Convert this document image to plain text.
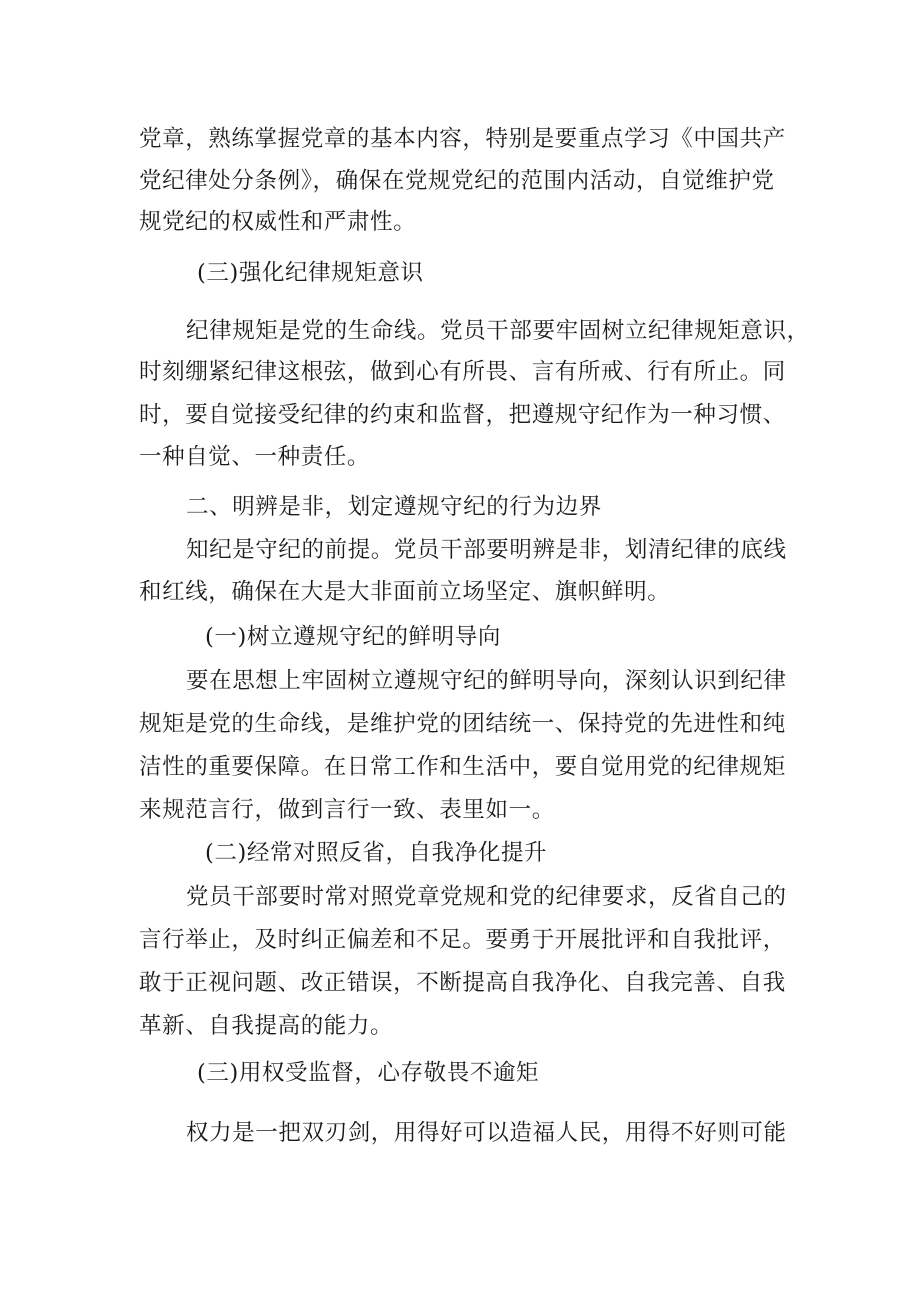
党章，熟练掌握党章的基本内容，特别是要重点学习《中国共产
党纪律处分条例》，确保在党规党纪的范围内活动，自觉维护党
规党纪的权威性和严肃性。
(三)强化纪律规矩意识
纪律规矩是党的生命线。党员干部要牢固树立纪律规矩意识，
时刻绷紧纪律这根弦，做到心有所畏、言有所戒、行有所止。同
时，要自觉接受纪律的约束和监督，把遵规守纪作为一种习惯、
一种自觉、一种责任。
二、明辨是非，划定遵规守纪的行为边界
知纪是守纪的前提。党员干部要明辨是非，划清纪律的底线
和红线，确保在大是大非面前立场坚定、旗帜鲜明。
(一)树立遵规守纪的鲜明导向
要在思想上牢固树立遵规守纪的鲜明导向，深刻认识到纪律
规矩是党的生命线，是维护党的团结统一、保持党的先进性和纯
洁性的重要保障。在日常工作和生活中，要自觉用党的纪律规矩
来规范言行，做到言行一致、表里如一。
(二)经常对照反省，自我净化提升
党员干部要时常对照党章党规和党的纪律要求，反省自己的
言行举止，及时纠正偏差和不足。要勇于开展批评和自我批评，
敢于正视问题、改正错误，不断提高自我净化、自我完善、自我
革新、自我提高的能力。
(三)用权受监督，心存敬畏不逾矩
权力是一把双刃剑，用得好可以造福人民，用得不好则可能
